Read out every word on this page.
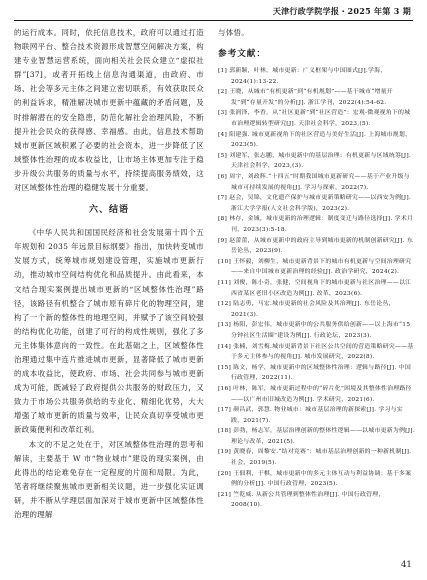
天津行政学院学报・2025 年第 3 期

的运行成本。同时，依托信息技术，政府可以通过打造物联网平台、整合技术资源形成智慧空间解决方案，构建专业智慧运营系统，面向相关社会民众建立“虚拟社群”[37]，或者开拓线上信息沟通渠道，由政府、市场、社会等多元主体之间建立密切联系，有效获取民众的利益诉求，精准解决城市更新中蕴藏的矛盾问题，及时排解潜在的安全隐患，防范化解社会治理风险，不断提升社会民众的获得感、幸福感。由此，信息技术帮助城市更新区域积累了必要的社会资本，进一步降低了区域整体性治理的成本收益比，让市场主体更加专注于稳步升级公共服务的质量与水平，持续提高服务绩效，这对区域整体性治理的稳健发展十分重要。

六、结语

《中华人民共和国国民经济和社会发展第十四个五年规划和 2035 年远景目标纲要》指出，加快转变城市发展方式，统筹城市规划建设管理，实施城市更新行动，推动城市空间结构优化和品质提升。由此看来，本文结合现实案例提出城市更新的“区域整体性治理”路径，该路径有机整合了城市原有碎片化的物理空间，建构了一个新的整体性的地理空间，并赋予了该空间较强的结构优化功能，创建了可行的构成性规则，强化了多元主体集体意向的一致性。在此基础之上，区域整体性治理通过集中连片推进城市更新，显著降低了城市更新的成本收益比，使政府、市场、社会共同参与城市更新成为可能，既减轻了政府提供公共服务的财政压力，又致力于市场公共服务供给的专业化、精细化优势，大大增强了城市更新的质量与效率，让民众真切享受城市更新政策便利和改革红利。

本文的不足之处在于，对区域整体性治理的思考和解读，主要基于 W 市“物业城市”建设的现实案例，由此得出的结论难免存在一定程度的片面和局限。为此，笔者将继续聚焦城市更新相关议题，进一步强化实证调研，并不断从学理层面加深对于城市更新中区域整体性治理的理解

与体悟。

参考文献：

[1] 郭新颖，叶林，城市更新：广义框架与中国图式[J].学海，2024(1):13-22.

[2] 王晓，从城市“有机更新”到“有机规划”——基于城市“增量开发”到“存量开发”的分析[J]. 浙江学刊，2022(4):54-62.

[3] 张润泽，李香，从“社区更新”到“社区营造”：宏观-微观视角下的城市治理逻辑转型研究[J]. 天津社会科学，2023,(5).

[4] 阳建强. 城市更新视角下的社区营造与美好生活[J]. 上海城市规划，2023(5).

[5] 刘建军，张志鹏，城市更新中的基层治理：有机更新与区域统筹[J]. 天津社会科学，2023,(3).

[6] 周宇，刘政辉.“十四五”时期我国城市更新研究——基于产业升级与城市可持续发展的视角[J]. 学习与探索，2022(7).

[7] 赵会，吴锦，文化遗产保护与城市更新策略研究——以西安为例[J]. 浙江大学学报(人文社会科学版)，2023(2).

[8] 林存，金铖，城市更新的治理逻辑：制度变迁与路径选择[J]. 学术月刊，2023(3):5-18.

[9] 赵蕾蕾，从城市更新中的政府主导到城市更新的机制创新研究[J]. 东岳论丛，2023(9).

[10] 王怀毅，刘柳生，城市更新背景下的城市有机更新与空间治理研究——来自中国城市更新治理的经验[J]. 政治学研究，2024(2).

[11] 刘俊，陈小奇，张健，空间视角下的城市更新与社区治理——以江西省某区老旧小区改造为例[J]. 改革，2023(6).

[12] 陆志勇，马宏.城市更新的社会风险及其治理[J]. 东岳论丛，2021(3).

[13] 杨阳，彭宏伟，城市更新中的公共服务供给创新——以上海市“15 分钟社区生活圈”建设为例[J]. 行政论坛，2023(3).

[14] 张楠，刘雪梅.城市更新背景下社区公共空间的营造策略研究——基于多元主体参与的视角[J]. 城市发展研究，2022(8).

[15] 陈文，杨学，城市更新中的区域整体性治理：逻辑与路径[J]. 中国行政管理，2022(11).

[16] 叶林，陈军，城市更新过程中的“碎片化”困境及其整体性治理路径——以广州市旧城改造为例[J]. 学术研究，2021(6).

[17] 颜昌武，郭慧. 物业城市：城市基层治理的新探索[J]. 学习与实践，2021(7).

[18] 彭勃，杨志军，基层治理创新的整体性逻辑——以城市更新为例[J]. 理论与改革，2021(5).

[19] 黄晓春，周黎安.“结对竞赛”：城市基层治理创新的一种新机制[J]. 社会，2019(5).

[20] 王佃利，于棋，城市更新中的多元主体互动与利益协调：基于多案例的分析[J]. 中国行政管理，2023(5).

[21] 竺乾威. 从新公共管理到整体性治理[J]. 中国行政管理，2008(10).

41
